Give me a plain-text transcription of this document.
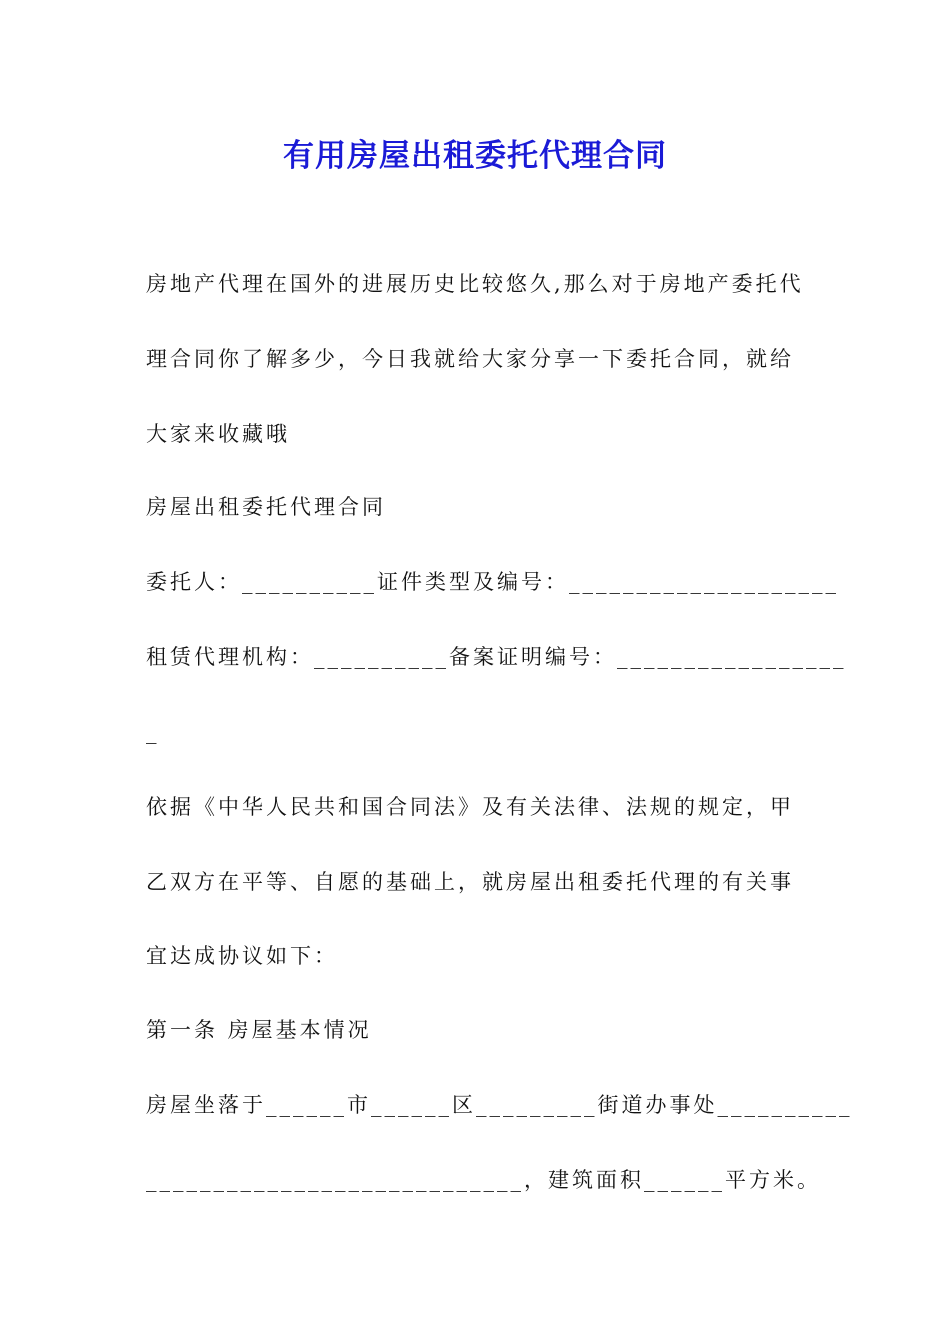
有用房屋出租委托代理合同
房地产代理在国外的进展历史比较悠久,那么对于房地产委托代
理合同你了解多少，今日我就给大家分享一下委托合同，就给
大家来收藏哦
房屋出租委托代理合同
委托人：__________证件类型及编号：____________________
租赁代理机构：__________备案证明编号：_________________
_
依据《中华人民共和国合同法》及有关法律、法规的规定，甲
乙双方在平等、自愿的基础上，就房屋出租委托代理的有关事
宜达成协议如下：
第一条 房屋基本情况
房屋坐落于______市______区_________街道办事处__________
____________________________，建筑面积______平方米。
